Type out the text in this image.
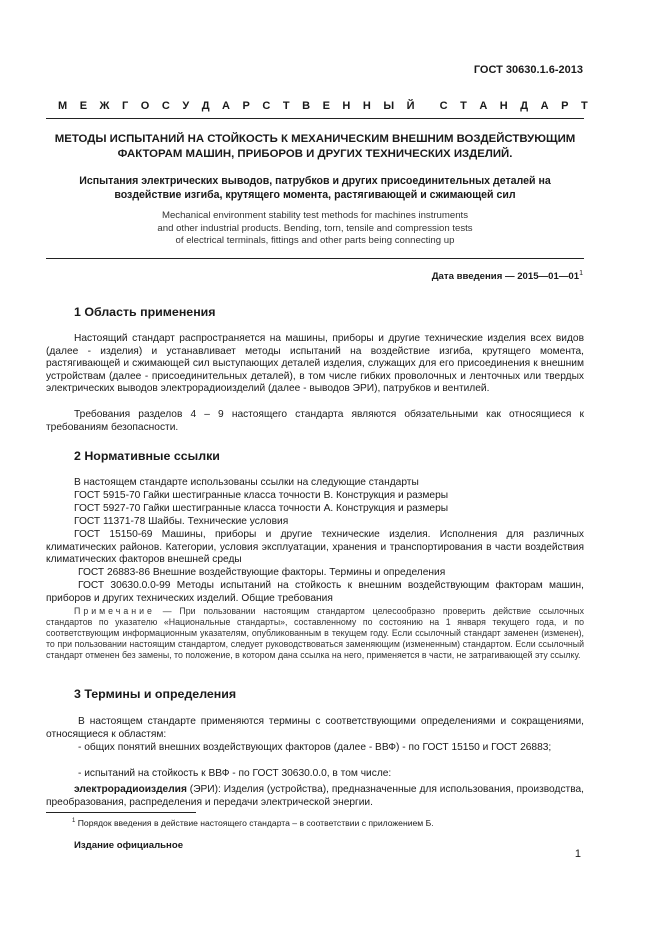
ГОСТ 30630.1.6-2013
М Е Ж Г О С У Д А Р С Т В Е Н Н Ы Й С Т А Н Д А Р Т
МЕТОДЫ ИСПЫТАНИЙ НА СТОЙКОСТЬ К МЕХАНИЧЕСКИМ ВНЕШНИМ ВОЗДЕЙСТВУЮЩИМ
ФАКТОРАМ МАШИН, ПРИБОРОВ И ДРУГИХ ТЕХНИЧЕСКИХ ИЗДЕЛИЙ.
Испытания электрических выводов, патрубков и других присоединительных деталей на
воздействие изгиба, крутящего момента, растягивающей и сжимающей сил
Mechanical environment stability test methods for machines instruments
and other industrial products. Bending, torn, tensile and compression tests
of electrical terminals, fittings and other parts being connecting up
Дата введения — $2015—01—01^1$
1 Область применения
Настоящий стандарт распространяется на машины, приборы и другие технические изделия всех видов (далее - изделия) и устанавливает методы испытаний на воздействие изгиба, крутящего момента, растягивающей и сжимающей сил выступающих деталей изделия, служащих для его присоединения к внешним устройствам (далее - присоединительных деталей), в том числе гибких проволочных и ленточных или твердых электрических выводов электрорадиоизделий (далее - выводов ЭРИ), патрубков и вентилей.
Требования разделов 4 – 9 настоящего стандарта являются обязательными как относящиеся к требованиям безопасности.
2 Нормативные ссылки
В настоящем стандарте использованы ссылки на следующие стандарты
ГОСТ 5915-70 Гайки шестигранные класса точности В. Конструкция и размеры
ГОСТ 5927-70 Гайки шестигранные класса точности А. Конструкция и размеры
ГОСТ 11371-78 Шайбы. Технические условия
ГОСТ 15150-69 Машины, приборы и другие технические изделия. Исполнения для различных климатических районов. Категории, условия эксплуатации, хранения и транспортирования в части воздействия климатических факторов внешней среды
ГОСТ 26883-86 Внешние воздействующие факторы. Термины и определения
ГОСТ 30630.0.0-99 Методы испытаний на стойкость к внешним воздействующим факторам машин, приборов и других технических изделий. Общие требования
Примечание — При пользовании настоящим стандартом целесообразно проверить действие ссылочных стандартов по указателю «Национальные стандарты», составленному по состоянию на 1 января текущего года, и по соответствующим информационным указателям, опубликованным в текущем году. Если ссылочный стандарт заменен (изменен), то при пользовании настоящим стандартом, следует руководствоваться заменяющим (измененным) стандартом. Если ссылочный стандарт отменен без замены, то положение, в котором дана ссылка на него, применяется в части, не затрагивающей эту ссылку.
3 Термины и определения
В настоящем стандарте применяются термины с соответствующими определениями и сокращениями, относящиеся к областям:
- общих понятий внешних воздействующих факторов (далее - ВВФ) - по ГОСТ 15150 и ГОСТ 26883;
- испытаний на стойкость к ВВФ - по ГОСТ 30630.0.0, в том числе:
электрорадиоизделия (ЭРИ): Изделия (устройства), предназначенные для использования, производства, преобразования, распределения и передачи электрической энергии.
$^1$ Порядок введения в действие настоящего стандарта – в соответствии с приложением Б.
Издание официальное
1
